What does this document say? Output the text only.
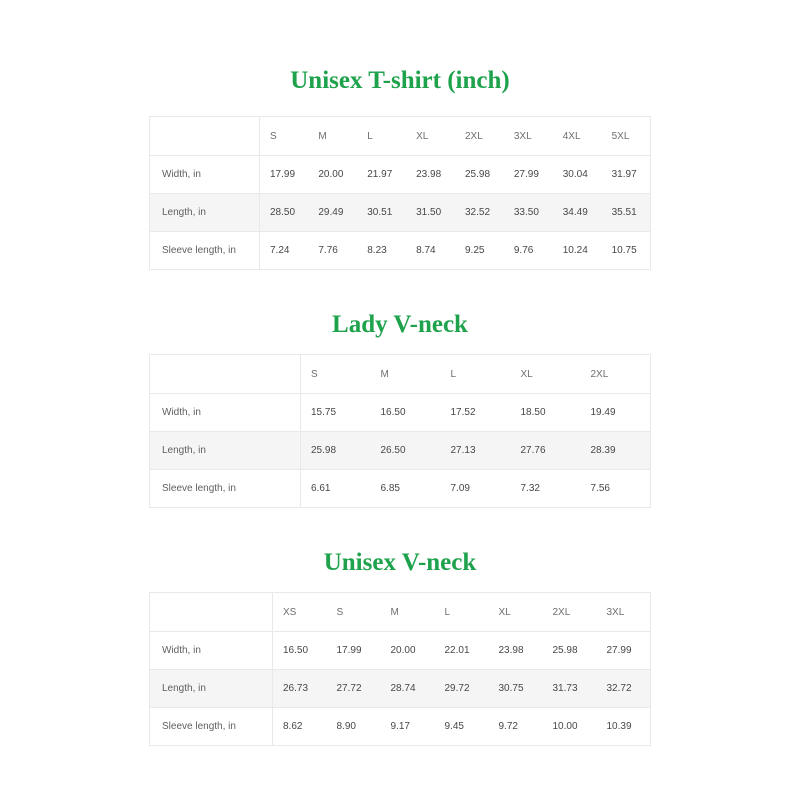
Unisex T-shirt (inch)
	S	M	L	XL	2XL	3XL	4XL	5XL
Width, in	17.99	20.00	21.97	23.98	25.98	27.99	30.04	31.97
Length, in	28.50	29.49	30.51	31.50	32.52	33.50	34.49	35.51
Sleeve length, in	7.24	7.76	8.23	8.74	9.25	9.76	10.24	10.75
Lady V-neck
	S	M	L	XL	2XL
Width, in	15.75	16.50	17.52	18.50	19.49
Length, in	25.98	26.50	27.13	27.76	28.39
Sleeve length, in	6.61	6.85	7.09	7.32	7.56
Unisex V-neck
	XS	S	M	L	XL	2XL	3XL
Width, in	16.50	17.99	20.00	22.01	23.98	25.98	27.99
Length, in	26.73	27.72	28.74	29.72	30.75	31.73	32.72
Sleeve length, in	8.62	8.90	9.17	9.45	9.72	10.00	10.39
